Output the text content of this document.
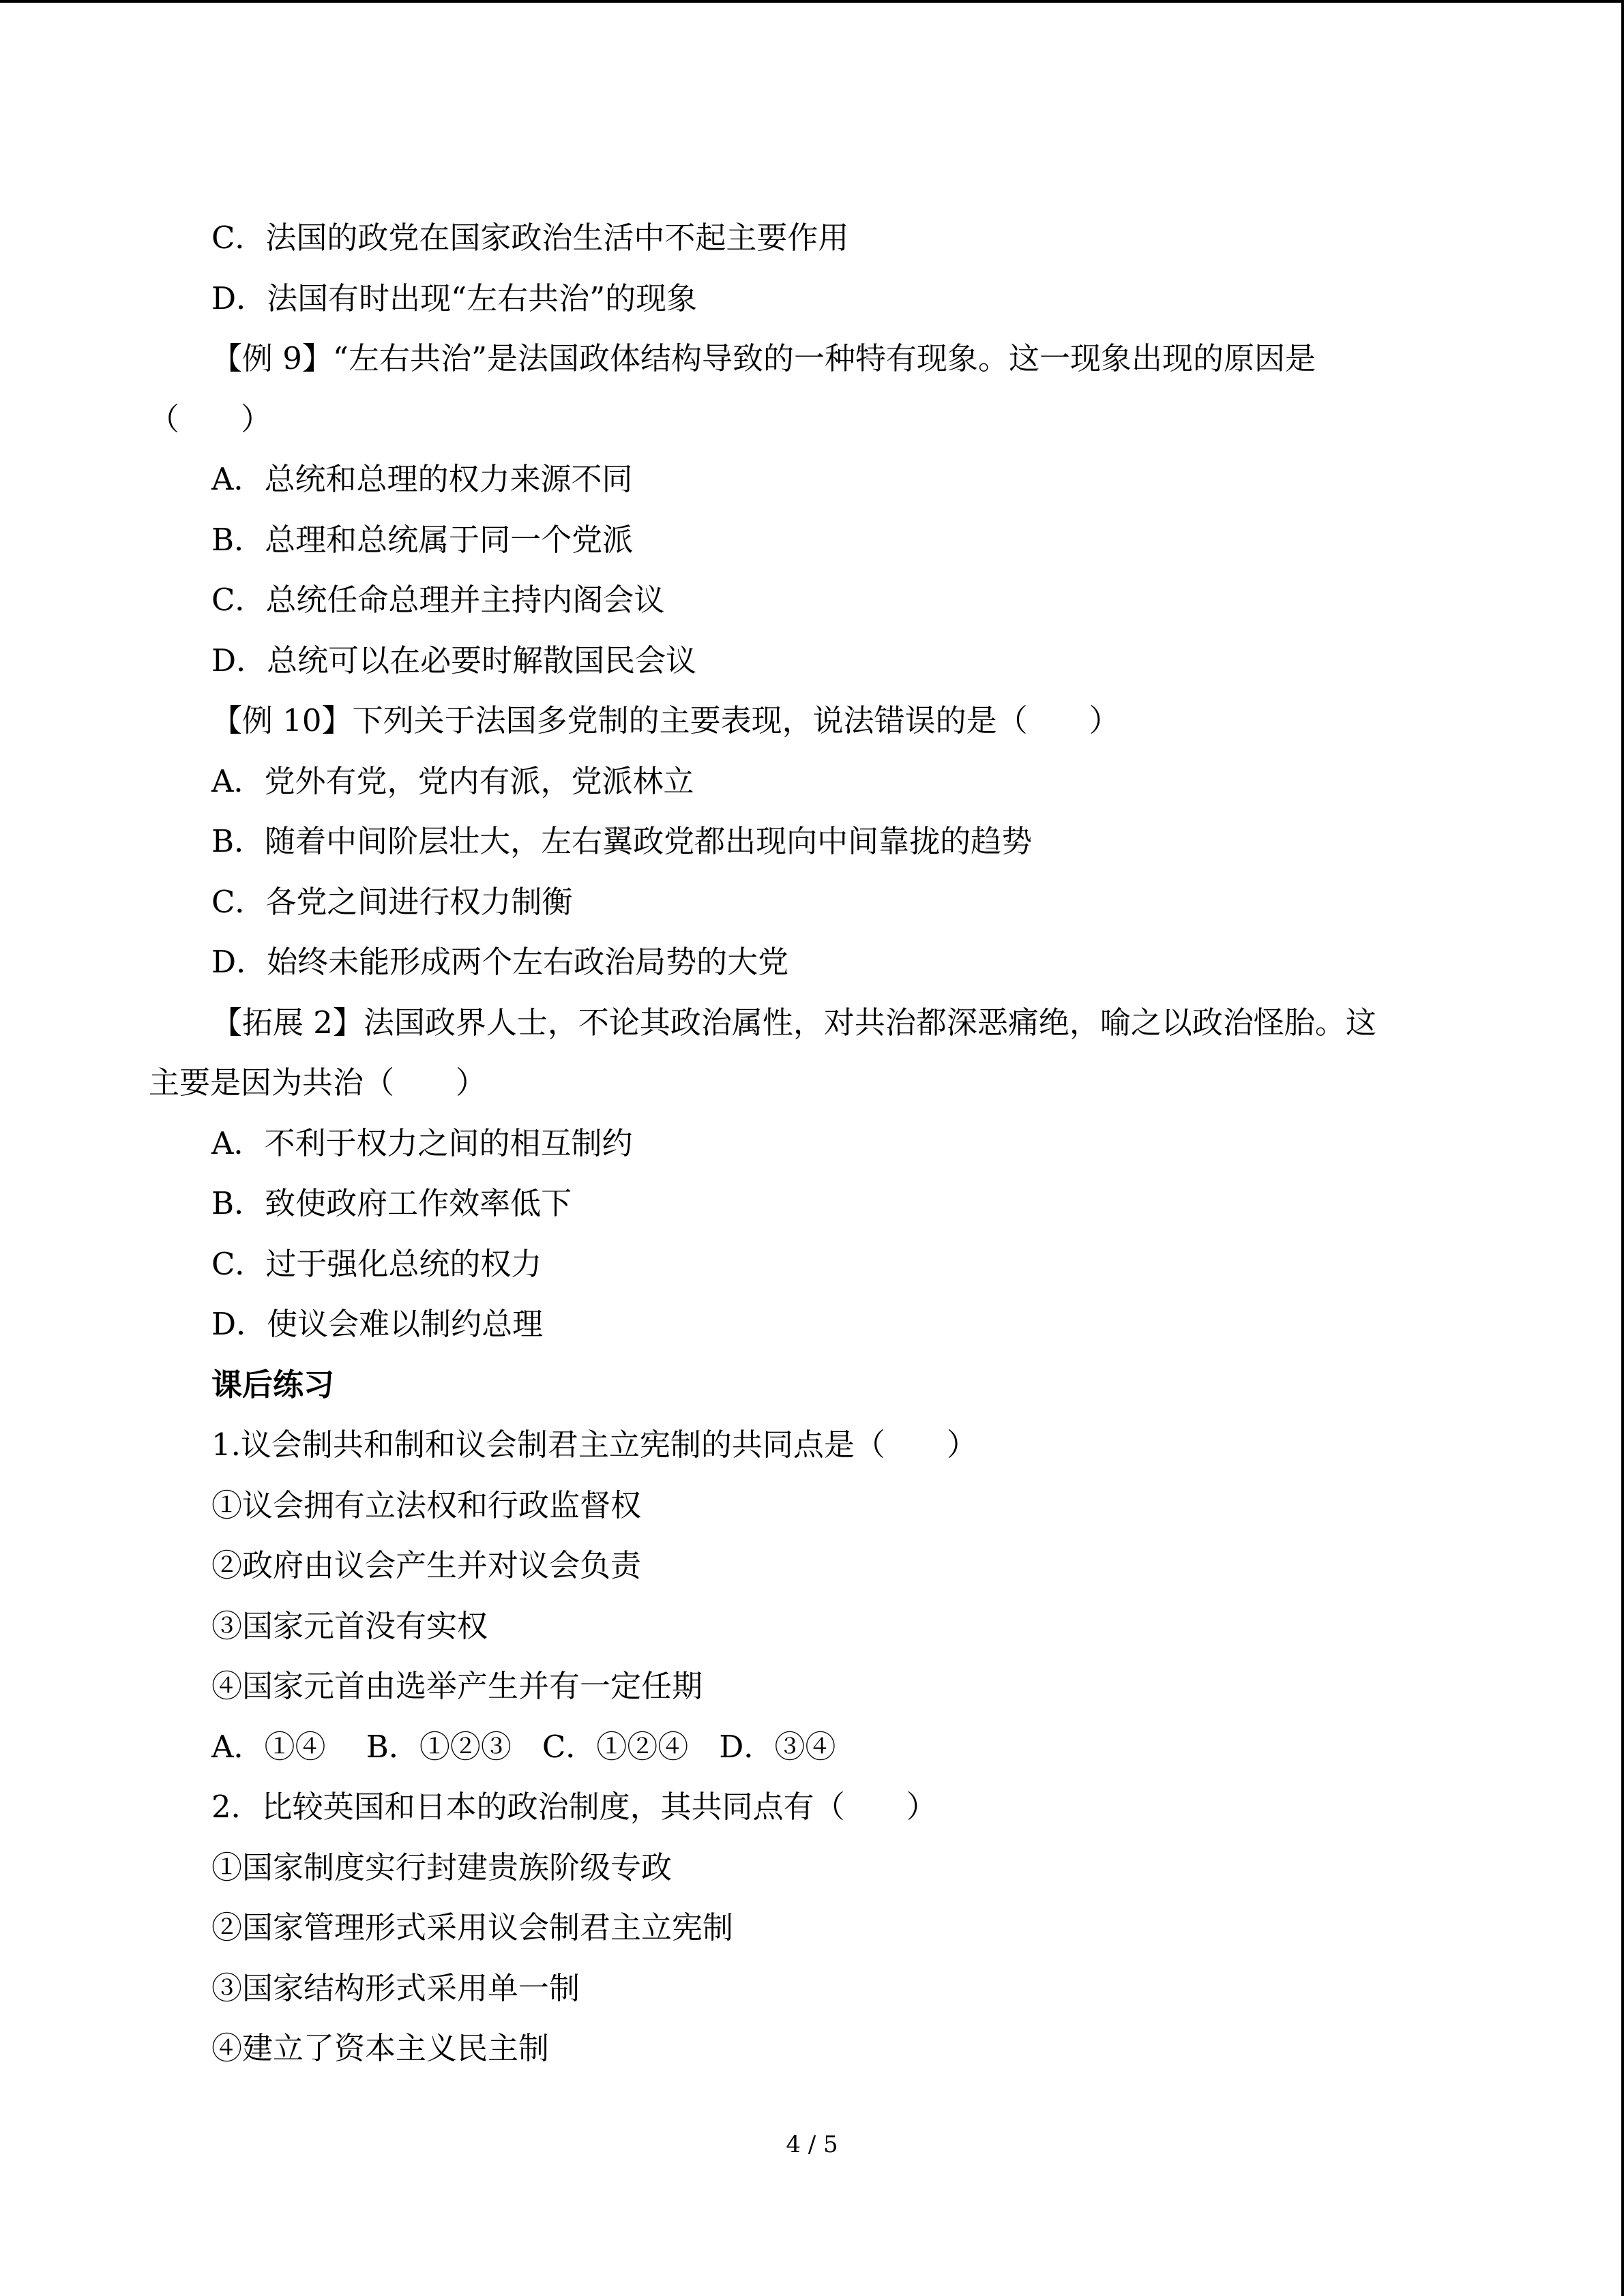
C．法国的政党在国家政治生活中不起主要作用
D．法国有时出现“左右共治”的现象
【例 9】“左右共治”是法国政体结构导致的一种特有现象。这一现象出现的原因是
（　　）
A．总统和总理的权力来源不同
B．总理和总统属于同一个党派
C．总统任命总理并主持内阁会议
D．总统可以在必要时解散国民会议
【例 10】下列关于法国多党制的主要表现，说法错误的是（　　）
A．党外有党，党内有派，党派林立
B．随着中间阶层壮大，左右翼政党都出现向中间靠拢的趋势
C．各党之间进行权力制衡
D．始终未能形成两个左右政治局势的大党
【拓展 2】法国政界人士，不论其政治属性，对共治都深恶痛绝，喻之以政治怪胎。这
主要是因为共治（　　）
A．不利于权力之间的相互制约
B．致使政府工作效率低下
C．过于强化总统的权力
D．使议会难以制约总理
课后练习
1.议会制共和制和议会制君主立宪制的共同点是（　　）
①议会拥有立法权和行政监督权
②政府由议会产生并对议会负责
③国家元首没有实权
④国家元首由选举产生并有一定任期
A．①④　 B．①②③　C．①②④　D．③④
2．比较英国和日本的政治制度，其共同点有（　　）
①国家制度实行封建贵族阶级专政
②国家管理形式采用议会制君主立宪制
③国家结构形式采用单一制
④建立了资本主义民主制
4 / 5
